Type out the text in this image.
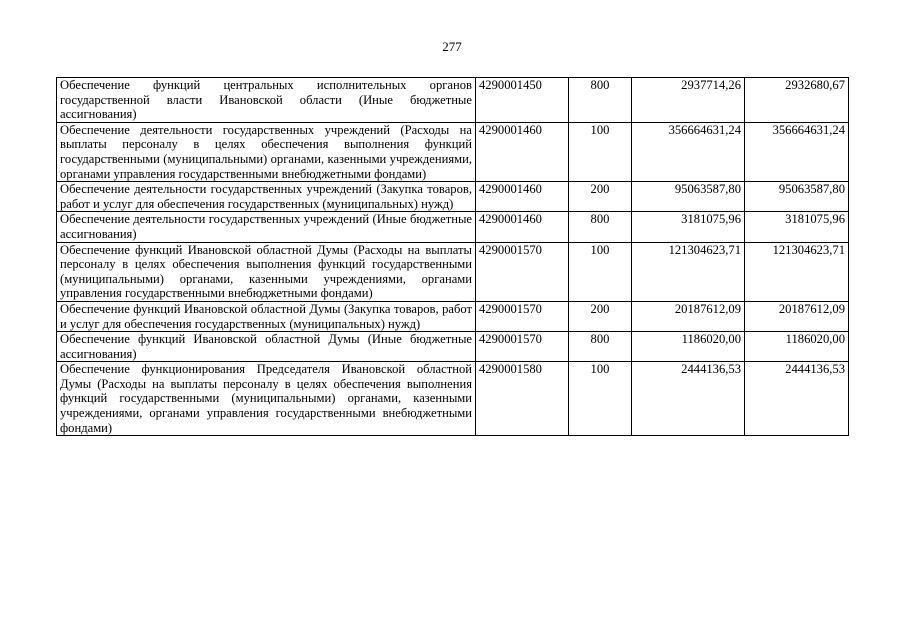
277
Обеспечение функций центральных исполнительных органов государственной власти Ивановской области (Иные бюджетные ассигнования)	4290001450	800	2937714,26	2932680,67
Обеспечение деятельности государственных учреждений (Расходы на выплаты персоналу в целях обеспечения выполнения функций государственными (муниципальными) органами, казенными учреждениями, органами управления государственными внебюджетными фондами)	4290001460	100	356664631,24	356664631,24
Обеспечение деятельности государственных учреждений (Закупка товаров, работ и услуг для обеспечения государственных (муниципальных) нужд)	4290001460	200	95063587,80	95063587,80
Обеспечение деятельности государственных учреждений (Иные бюджетные ассигнования)	4290001460	800	3181075,96	3181075,96
Обеспечение функций Ивановской областной Думы (Расходы на выплаты персоналу в целях обеспечения выполнения функций государственными (муниципальными) органами, казенными учреждениями, органами управления государственными внебюджетными фондами)	4290001570	100	121304623,71	121304623,71
Обеспечение функций Ивановской областной Думы (Закупка товаров, работ и услуг для обеспечения государственных (муниципальных) нужд)	4290001570	200	20187612,09	20187612,09
Обеспечение функций Ивановской областной Думы (Иные бюджетные ассигнования)	4290001570	800	1186020,00	1186020,00
Обеспечение функционирования Председателя Ивановской областной Думы (Расходы на выплаты персоналу в целях обеспечения выполнения функций государственными (муниципальными) органами, казенными учреждениями, органами управления государственными внебюджетными фондами)	4290001580	100	2444136,53	2444136,53
